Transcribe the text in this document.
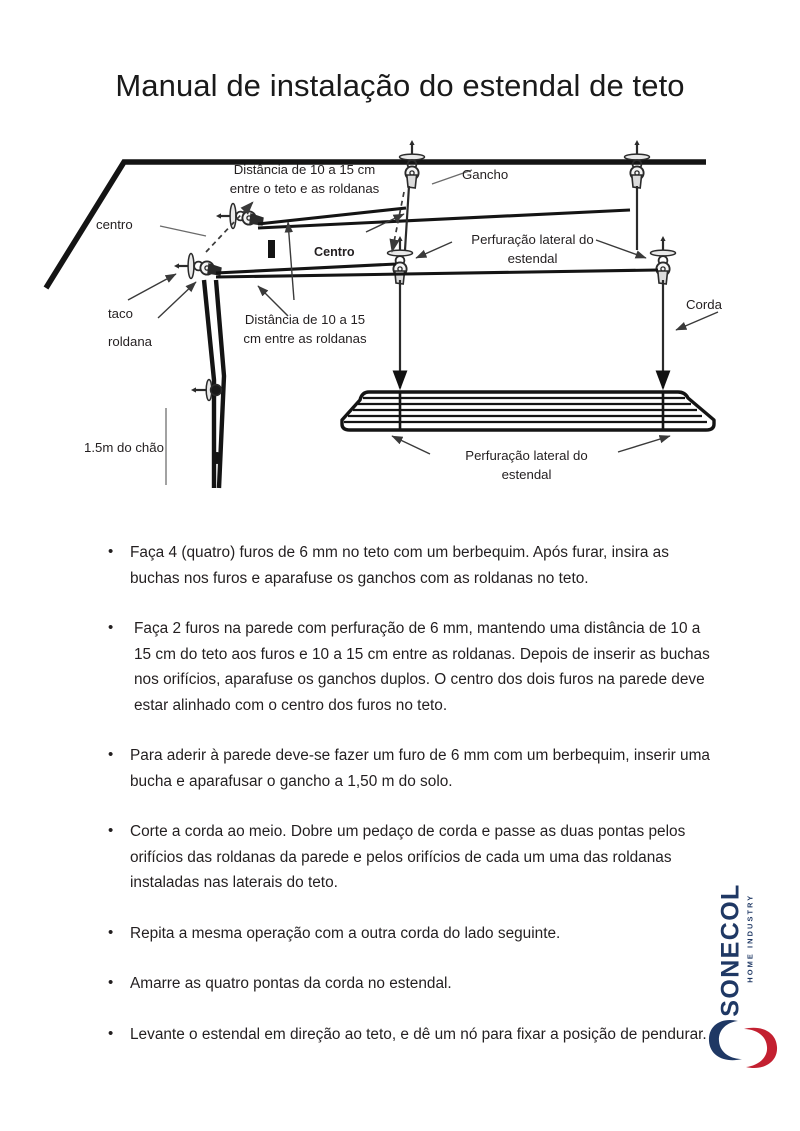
Manual de instalação do estendal de teto
Distância de 10 a 15 cm entre o teto e as roldanas
Gancho
centro
Centro
Perfuração lateral do estendal
Corda
taco
roldana
Distância de 10 a 15 cm entre as roldanas
1.5m do chão
Perfuração lateral do estendal
• Faça 4 (quatro) furos de 6 mm no teto com um berbequim. Após furar, insira as buchas nos furos e aparafuse os ganchos com as roldanas no teto.
• Faça 2 furos na parede com perfuração de 6 mm, mantendo uma distância de 10 a 15 cm do teto aos furos e 10 a 15 cm entre as roldanas. Depois de inserir as buchas nos orifícios, aparafuse os ganchos duplos. O centro dos dois furos na parede deve estar alinhado com o centro dos furos no teto.
• Para aderir à parede deve-se fazer um furo de 6 mm com um berbequim, inserir uma bucha e aparafusar o gancho a 1,50 m do solo.
• Corte a corda ao meio. Dobre um pedaço de corda e passe as duas pontas pelos orifícios das roldanas da parede e pelos orifícios de cada um uma das roldanas instaladas nas laterais do teto.
• Repita a mesma operação com a outra corda do lado seguinte.
• Amarre as quatro pontas da corda no estendal.
• Levante o estendal em direção ao teto, e dê um nó para fixar a posição de pendurar.
SONECOL HOME INDUSTRY
